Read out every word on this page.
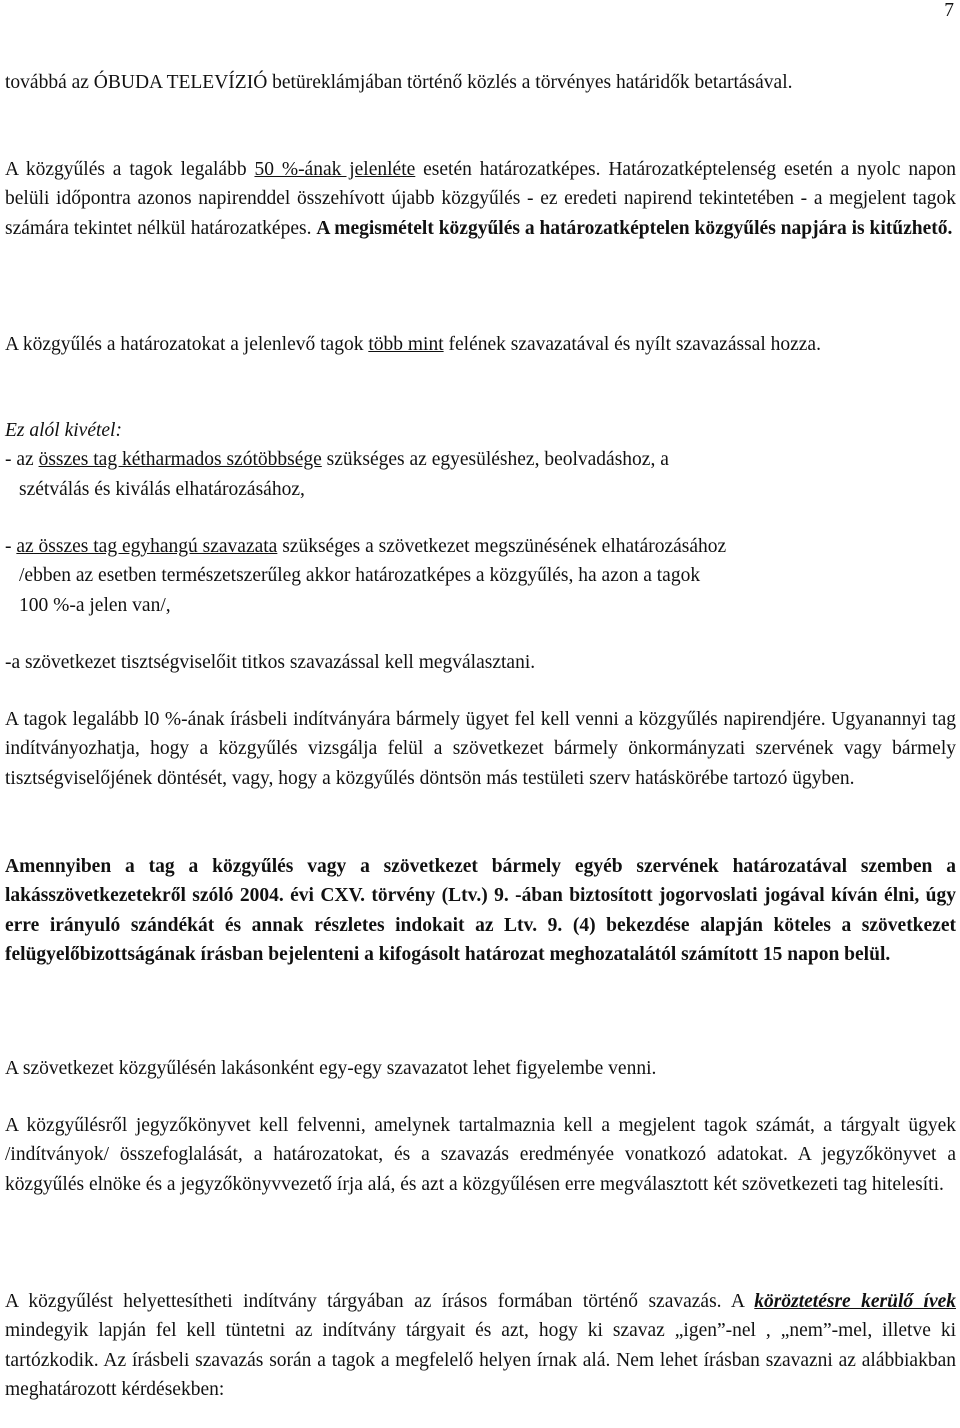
7

továbbá az ÓBUDA TELEVÍZIÓ betüreklámjában történő közlés a törvényes határidők betartásával.

A közgyűlés a tagok legalább 50 %-ának jelenléte esetén határozatképes. Határozatképtelenség esetén a nyolc napon belüli időpontra azonos napirenddel összehívott újabb közgyűlés - ez eredeti napirend tekintetében - a megjelent tagok számára tekintet nélkül határozatképes. A megismételt közgyűlés a határozatképtelen közgyűlés napjára is kitűzhető.

A közgyűlés a határozatokat a jelenlevő tagok több mint felének szavazatával és nyílt szavazással hozza.

Ez alól kivétel:
- az összes tag kétharmados szótöbbsége szükséges az egyesüléshez, beolvadáshoz, a
szétválás és kiválás elhatározásához,
- az összes tag egyhangú szavazata szükséges a szövetkezet megszünésének elhatározásához
/ebben az esetben természetszerűleg akkor határozatképes a közgyűlés, ha azon a tagok
100 %-a jelen van/,

-a szövetkezet tisztségviselőit titkos szavazással kell megválasztani.

A tagok legalább l0 %-ának írásbeli indítványára bármely ügyet fel kell venni a közgyűlés napirendjére. Ugyanannyi tag indítványozhatja, hogy a közgyűlés vizsgálja felül a szövetkezet bármely önkormányzati szervének vagy bármely tisztségviselőjének döntését, vagy, hogy a közgyűlés döntsön más testületi szerv hatáskörébe tartozó ügyben.

Amennyiben a tag a közgyűlés vagy a szövetkezet bármely egyéb szervének határozatával szemben a lakásszövetkezetekről szóló 2004. évi CXV. törvény (Ltv.) 9. -ában biztosított jogorvoslati jogával kíván élni, úgy erre irányuló szándékát és annak részletes indokait az Ltv. 9. (4) bekezdése alapján köteles a szövetkezet felügyelőbizottságának írásban bejelenteni a kifogásolt határozat meghozatalától számított 15 napon belül.

A szövetkezet közgyűlésén lakásonként egy-egy szavazatot lehet figyelembe venni.

A közgyűlésről jegyzőkönyvet kell felvenni, amelynek tartalmaznia kell a megjelent tagok számát, a tárgyalt ügyek /indítványok/ összefoglalását, a határozatokat, és a szavazás eredményée vonatkozó adatokat. A jegyzőkönyvet a közgyűlés elnöke és a jegyzőkönyvvezető írja alá, és azt a közgyűlésen erre megválasztott két szövetkezeti tag hitelesíti.

A közgyűlést helyettesítheti indítvány tárgyában az írásos formában történő szavazás. A köröztetésre kerülő ívek mindegyik lapján fel kell tüntetni az indítvány tárgyait és azt, hogy ki szavaz „igen”-nel , „nem”-mel, illetve ki tartózkodik. Az írásbeli szavazás során a tagok a megfelelő helyen írnak alá. Nem lehet írásban szavazni az alábbiakban meghatározott kérdésekben:
